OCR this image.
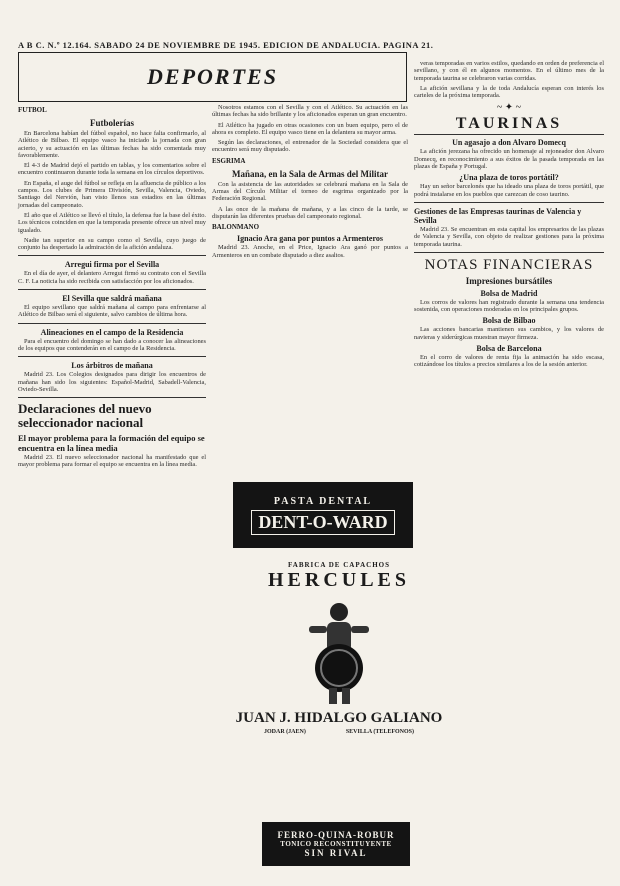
A B C. N.º 12.164. SABADO 24 DE NOVIEMBRE DE 1945. EDICION DE ANDALUCIA. PAGINA 21.
DEPORTES
FUTBOL
Futbolerías

En Barcelona habían del fútbol español, no hace falta confirmarlo, al Atlético de Bilbao. El equipo vasco ha iniciado la jornada con gran acierto, y su actuación en las últimas fechas ha sido comentada muy favorablemente.

El 4-3 de Madrid dejó el partido en tablas, y los comentarios sobre el encuentro continuaron durante toda la semana en los círculos deportivos.

En España, el auge del fútbol se refleja en la afluencia de público a los campos. Los clubes de Primera División, Sevilla, Valencia, Oviedo, Santiago del Nervión, han visto llenos sus estadios en las últimas jornadas del campeonato.

El año que el Atlético se llevó el título, la defensa fue la base del éxito. Los técnicos coinciden en que la temporada presente ofrece un nivel muy igualado.

Nadie tan superior en su campo como el Sevilla, cuyo juego de conjunto ha despertado la admiración de la afición andaluza.

Arregui firma por el Sevilla

En el día de ayer, el delantero Arregui firmó su contrato con el Sevilla C. F. La noticia ha sido recibida con satisfacción por los aficionados.

El Sevilla que saldrá mañana

El equipo sevillano que saldrá mañana al campo para enfrentarse al Atlético de Bilbao será el siguiente, salvo cambios de última hora.

Alineaciones en el campo de la Residencia

Para el encuentro del domingo se han dado a conocer las alineaciones de los equipos que contenderán en el campo de la Residencia.

Los árbitros de mañana

Madrid 23. Los Colegios designados para dirigir los encuentros de mañana han sido los siguientes: Español-Madrid, Sabadell-Valencia, Oviedo-Sevilla.

Declaraciones del nuevo seleccionador nacional
El mayor problema para la formación del equipo se encuentra en la línea media

Madrid 23. El nuevo seleccionador nacional ha manifestado que el mayor problema para formar el equipo se encuentra en la línea media.

Nosotros estamos con el Sevilla y con el Atlético. Su actuación en las últimas fechas ha sido brillante y los aficionados esperan un gran encuentro.

El Atlético ha jugado en otras ocasiones con un buen equipo, pero el de ahora es completo. El equipo vasco tiene en la delantera su mayor arma.

Según las declaraciones, el entrenador de la Sociedad considera que el encuentro será muy disputado.

ESGRIMA
Mañana, en la Sala de Armas del Militar

Con la asistencia de las autoridades se celebrará mañana en la Sala de Armas del Círculo Militar el torneo de esgrima organizado por la Federación Regional.

A las once de la mañana de mañana, y a las cinco de la tarde, se disputarán las diferentes pruebas del campeonato regional.

BALONMANO
Ignacio Ara gana por puntos a Armenteros

Madrid 23. Anoche, en el Price, Ignacio Ara ganó por puntos a Armenteros en un combate disputado a diez asaltos.

PASTA DENTAL
DENT-O-WARD
FABRICA DE CAPACHOS
HERCULES
JUAN J. HIDALGO GALIANO
JODAR (JAEN)	SEVILLA (TELEFONOS)
FERRO-QUINA-ROBUR
TONICO RECONSTITUYENTE
SIN RIVAL

veras temporadas en varios estilos, quedando en orden de preferencia el sevillano, y con él en algunos momentos. En el último mes de la temporada taurina se celebraron varias corridas.

La afición sevillana y la de toda Andalucía esperan con interés los carteles de la próxima temporada.

~ ✦ ~
TAURINAS
Un agasajo a don Alvaro Domecq

La afición jerezana ha ofrecido un homenaje al rejoneador don Alvaro Domecq, en reconocimiento a sus éxitos de la pasada temporada en las plazas de España y Portugal.

¿Una plaza de toros portátil?

Hay un señor barcelonés que ha ideado una plaza de toros portátil, que podrá instalarse en los pueblos que carezcan de coso taurino.

Gestiones de las Empresas taurinas de Valencia y Sevilla

Madrid 23. Se encuentran en esta capital los empresarios de las plazas de Valencia y Sevilla, con objeto de realizar gestiones para la próxima temporada taurina.

NOTAS FINANCIERAS
Impresiones bursátiles
Bolsa de Madrid

Los corros de valores han registrado durante la semana una tendencia sostenida, con operaciones moderadas en los principales grupos.

Bolsa de Bilbao

Las acciones bancarias mantienen sus cambios, y los valores de navieras y siderúrgicas muestran mayor firmeza.

Bolsa de Barcelona

En el corro de valores de renta fija la animación ha sido escasa, cotizándose los títulos a precios similares a los de la sesión anterior.
